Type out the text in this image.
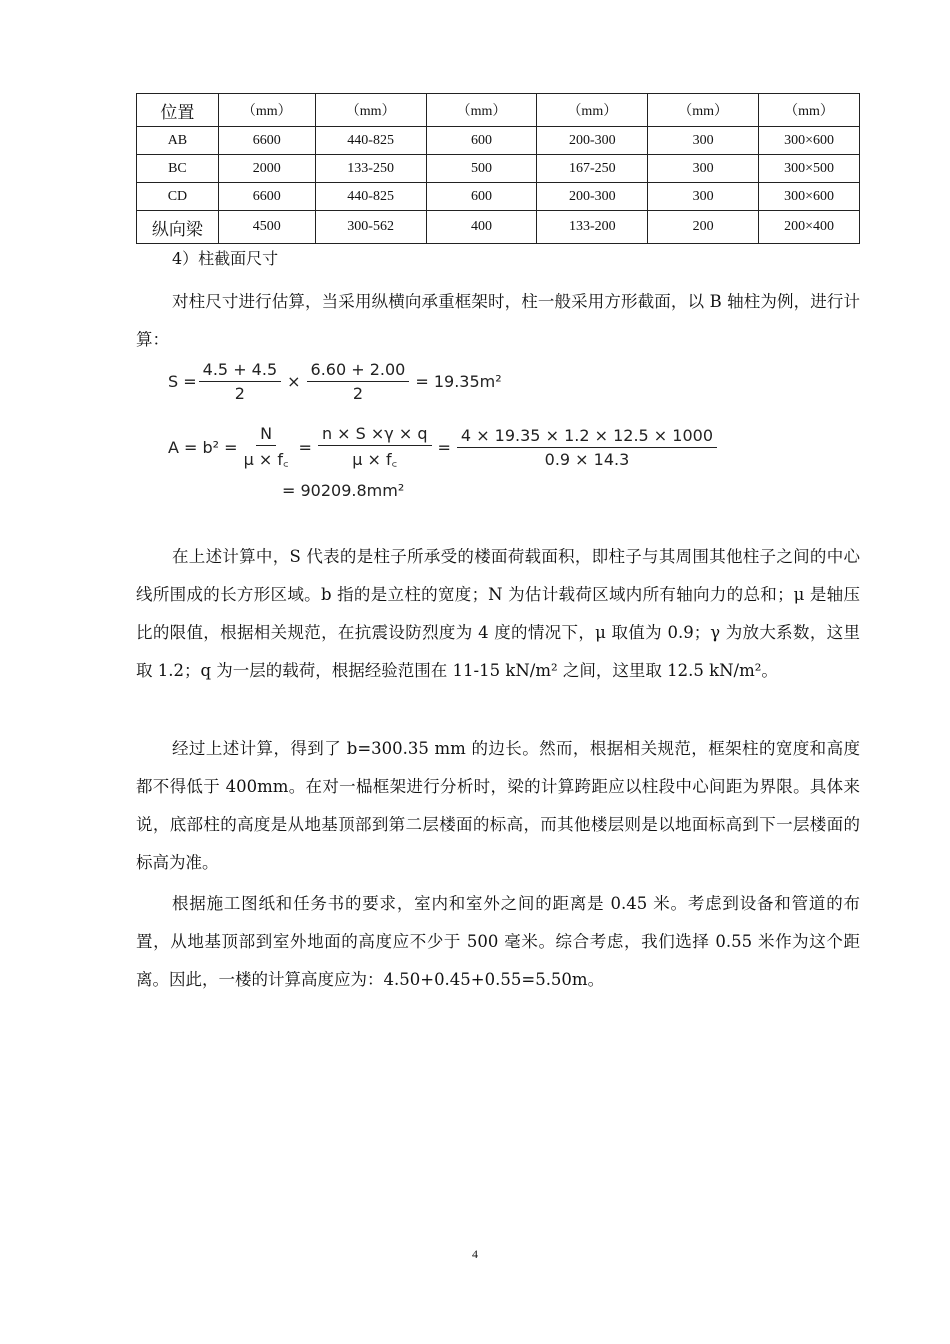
位置	（mm）	（mm）	（mm）	（mm）	（mm）	（mm）
AB	6600	440-825	600	200-300	300	300×600
BC	2000	133-250	500	167-250	300	300×500
CD	6600	440-825	600	200-300	300	300×600
纵向梁	4500	300-562	400	133-200	200	200×400
4）柱截面尺寸

对柱尺寸进行估算，当采用纵横向承重框架时，柱一般采用方形截面，以 B 轴柱为例，进行计算：

$S = \frac{4.5 + 4.5}{2} \times \frac{6.60 + 2.00}{2} = 19.35m^2$
$A = b^2 = \frac{N}{\mu \times f꜀} = \frac{n \times S \times\gamma \times q}{\mu \times f꜀} = \frac{4 \times 19.35 \times 1.2 \times 12.5 \times 1000}{0.9 \times 14.3}$
= 90209.8mm²

在上述计算中，S 代表的是柱子所承受的楼面荷载面积，即柱子与其周围其他柱子之间的中心线所围成的长方形区域。b 指的是立柱的宽度；N 为估计载荷区域内所有轴向力的总和；μ 是轴压比的限值，根据相关规范，在抗震设防烈度为 4 度的情况下，μ 取值为 0.9；γ 为放大系数，这里取 1.2；q 为一层的载荷，根据经验范围在 11-15 kN/m² 之间，这里取 12.5 kN/m²。

经过上述计算，得到了 b=300.35 mm 的边长。然而，根据相关规范，框架柱的宽度和高度都不得低于 400mm。在对一榀框架进行分析时，梁的计算跨距应以柱段中心间距为界限。具体来说，底部柱的高度是从地基顶部到第二层楼面的标高，而其他楼层则是以地面标高到下一层楼面的标高为准。

根据施工图纸和任务书的要求，室内和室外之间的距离是 0.45 米。考虑到设备和管道的布置，从地基顶部到室外地面的高度应不少于 500 毫米。综合考虑，我们选择 0.55 米作为这个距离。因此，一楼的计算高度应为：4.50+0.45+0.55=5.50m。

4
